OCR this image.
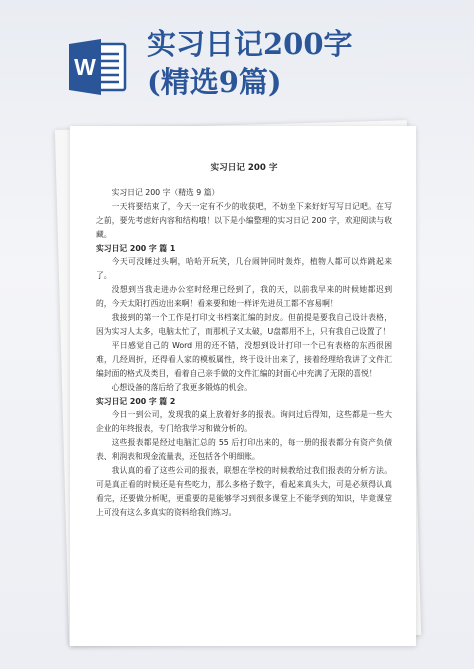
W
实习日记200字
(精选9篇)

实习日记 200 字

实习日记 200 字（精选 9 篇）

一天将要结束了，今天一定有不少的收获吧，不妨坐下来好好写写日记吧。在写之前，要先考虑好内容和结构哦！以下是小编整理的实习日记 200 字，欢迎阅读与收藏。

实习日记 200 字 篇 1

今天可没睡过头啊，哈哈开玩笑，几台闹钟同时轰炸，植物人都可以炸跳起来了。

没想到当我走进办公室时经理已经到了，我的天，以前我早来的时候她都迟到的，今天太阳打西边出来啊！看来要和她一样评先进员工都不容易啊！

我接到的第一个工作是打印文书档案汇编的封皮。但前提是要我自己设计表格，因为实习人太多，电脑太忙了，而那机子又太破，U盘都用不上，只有我自己设置了！

平日感觉自己的 Word 用的还不错，没想到设计打印一个已有表格的东西很困难，几经周折，还得看人家的模板属性，终于设计出来了，接着经理给我讲了文件汇编封面的格式及类目，看着自己亲手做的文件汇编的封面心中充满了无限的喜悦！

心想设备的落后给了我更多锻炼的机会。

实习日记 200 字 篇 2

今日一到公司，发现我的桌上放着好多的报表。询问过后得知，这些都是一些大企业的年终报表，专门给我学习和做分析的。

这些报表都是经过电脑汇总的 55 后打印出来的，每一册的报表都分有资产负债表、利润表和现金流量表，还包括各个明细账。

我认真的看了这些公司的报表，联想在学校的时候教给过我们报表的分析方法。可是真正看的时候还是有些吃力，那么多格子数字，看起来真头大，可是必须得认真看完，还要做分析呢，更重要的是能够学习到很多课堂上不能学到的知识，毕竟课堂上可没有这么多真实的资料给我们练习。
